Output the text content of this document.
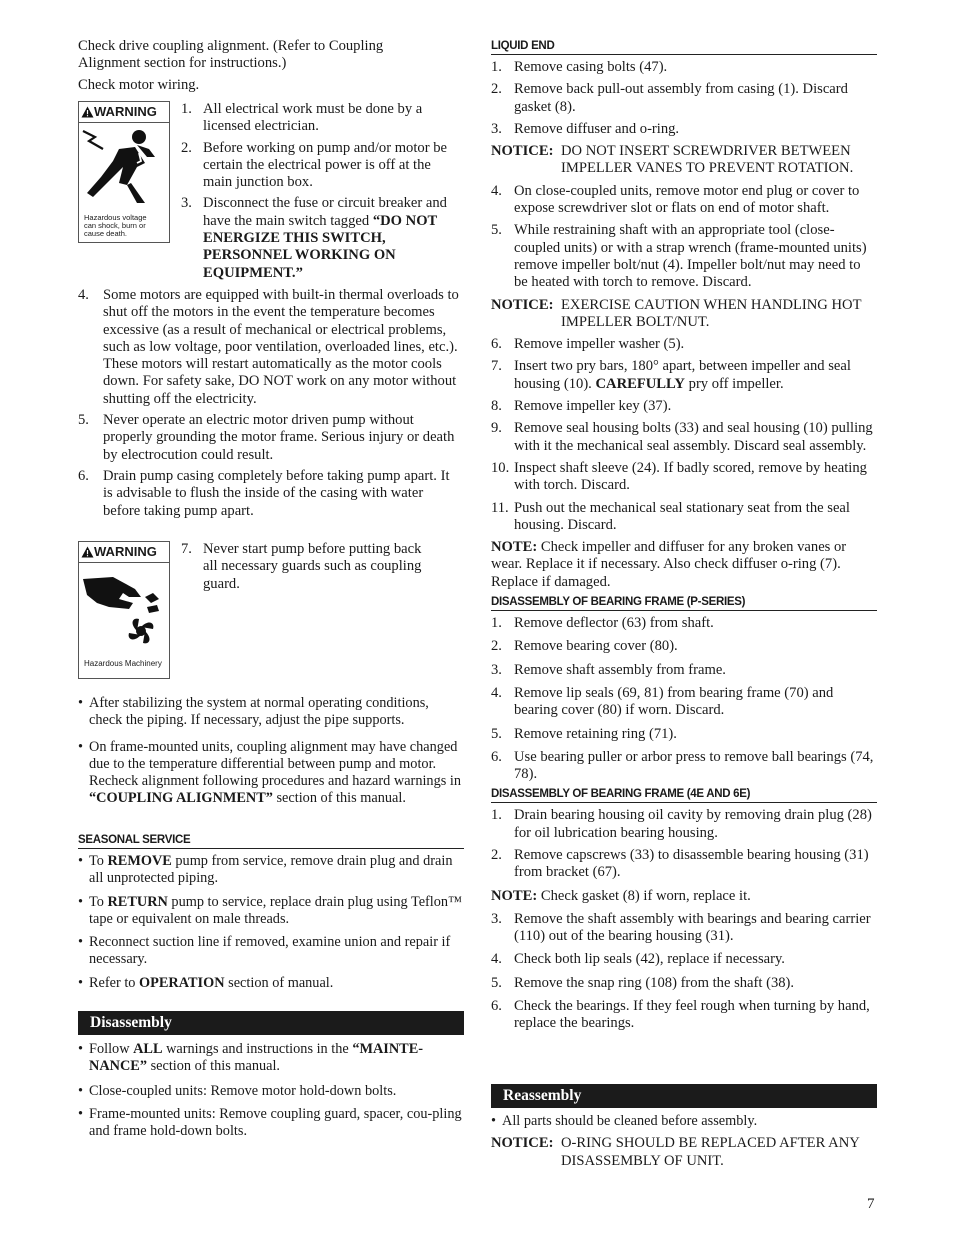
Check drive coupling alignment. (Refer to Coupling Alignment section for instructions.)

Check motor wiring.

WARNING
Hazardous voltage can shock, burn or cause death.
1. All electrical work must be done by a licensed electrician.
2. Before working on pump and/or motor be certain the electrical power is off at the main junction box.
3. Disconnect the fuse or circuit breaker and have the main switch tagged “DO NOT ENERGIZE THIS SWITCH, PERSONNEL WORKING ON EQUIPMENT.”
4. Some motors are equipped with built-in thermal overloads to shut off the motors in the event the temperature becomes excessive (as a result of mechanical or electrical problems, such as low voltage, poor ventilation, overloaded lines, etc.). These motors will restart automatically as the motor cools down. For safety sake, DO NOT work on any motor without shutting off the electricity.
5. Never operate an electric motor driven pump without properly grounding the motor frame. Serious injury or death by electrocution could result.
6. Drain pump casing completely before taking pump apart. It is advisable to flush the inside of the casing with water before taking pump apart.
WARNING
Hazardous Machinery
7. Never start pump before putting back all necessary guards such as coupling guard.
• After stabilizing the system at normal operating conditions, check the piping. If necessary, adjust the pipe supports.
• On frame-mounted units, coupling alignment may have changed due to the temperature differential between pump and motor. Recheck alignment following procedures and hazard warnings in “COUPLING ALIGNMENT” section of this manual.
SEASONAL SERVICE
• To REMOVE pump from service, remove drain plug and drain all unprotected piping.
• To RETURN pump to service, replace drain plug using Teflon™ tape or equivalent on male threads.
• Reconnect suction line if removed, examine union and repair if necessary.
• Refer to OPERATION section of manual.
Disassembly
• Follow ALL warnings and instructions in the “MAINTE-NANCE” section of this manual.
• Close-coupled units: Remove motor hold-down bolts.
• Frame-mounted units: Remove coupling guard, spacer, cou-pling and frame hold-down bolts.
LIQUID END
1. Remove casing bolts (47).
2. Remove back pull-out assembly from casing (1). Discard gasket (8).
3. Remove diffuser and o-ring.
NOTICE: DO NOT INSERT SCREWDRIVER BETWEEN IMPELLER VANES TO PREVENT ROTATION.
4. On close-coupled units, remove motor end plug or cover to expose screwdriver slot or flats on end of motor shaft.
5. While restraining shaft with an appropriate tool (close-coupled units) or with a strap wrench (frame-mounted units) remove impeller bolt/nut (4). Impeller bolt/nut may need to be heated with torch to remove. Discard.
NOTICE: EXERCISE CAUTION WHEN HANDLING HOT IMPELLER BOLT/NUT.
6. Remove impeller washer (5).
7. Insert two pry bars, 180° apart, between impeller and seal housing (10). CAREFULLY pry off impeller.
8. Remove impeller key (37).
9. Remove seal housing bolts (33) and seal housing (10) pulling with it the mechanical seal assembly. Discard seal assembly.
10. Inspect shaft sleeve (24). If badly scored, remove by heating with torch. Discard.
11. Push out the mechanical seal stationary seat from the seal housing. Discard.

NOTE: Check impeller and diffuser for any broken vanes or wear. Replace it if necessary. Also check diffuser o-ring (7). Replace if damaged.

DISASSEMBLY OF BEARING FRAME (P-SERIES)
1. Remove deflector (63) from shaft.
2. Remove bearing cover (80).
3. Remove shaft assembly from frame.
4. Remove lip seals (69, 81) from bearing frame (70) and bearing cover (80) if worn. Discard.
5. Remove retaining ring (71).
6. Use bearing puller or arbor press to remove ball bearings (74, 78).
DISASSEMBLY OF BEARING FRAME (4E AND 6E)
1. Drain bearing housing oil cavity by removing drain plug (28) for oil lubrication bearing housing.
2. Remove capscrews (33) to disassemble bearing housing (31) from bracket (67).

NOTE: Check gasket (8) if worn, replace it.

3. Remove the shaft assembly with bearings and bearing carrier (110) out of the bearing housing (31).
4. Check both lip seals (42), replace if necessary.
5. Remove the snap ring (108) from the shaft (38).
6. Check the bearings. If they feel rough when turning by hand, replace the bearings.
Reassembly
• All parts should be cleaned before assembly.
NOTICE: O-RING SHOULD BE REPLACED AFTER ANY DISASSEMBLY OF UNIT.
7
